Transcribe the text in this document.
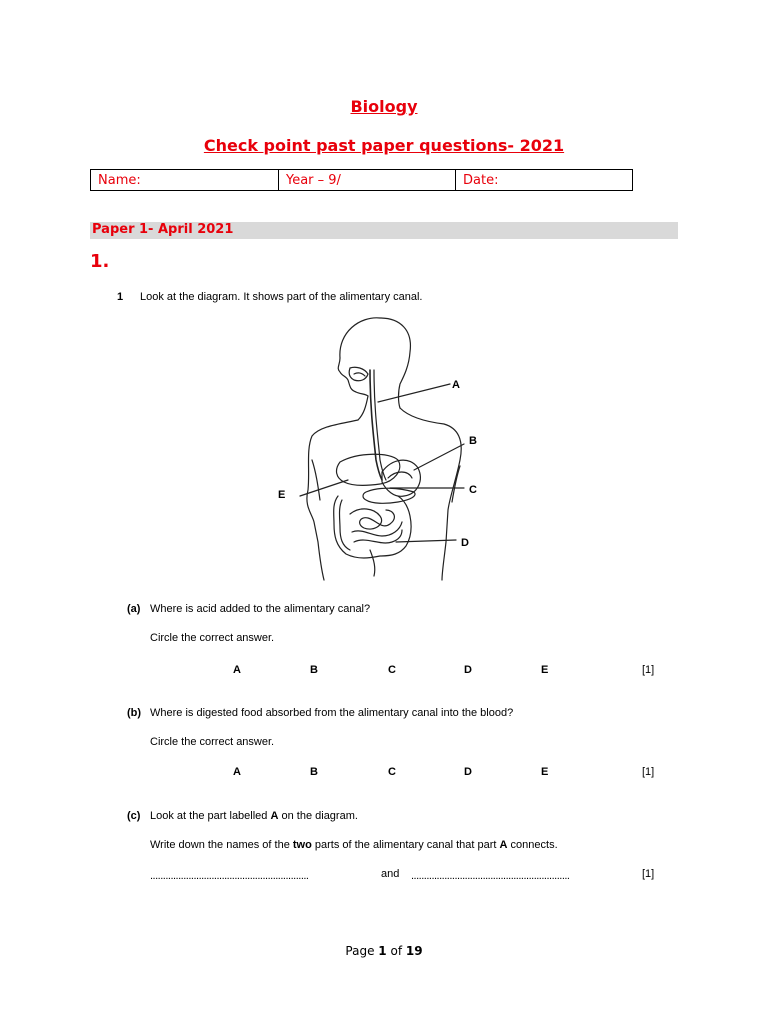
Biology
Check point past paper questions- 2021
Name:	Year – 9/	Date:
Paper 1- April 2021
1.
1 Look at the diagram. It shows part of the alimentary canal.
A
B
C
D
E
(a) Where is acid added to the alimentary canal?
Circle the correct answer.
A	B	C	D	E	[1]
(b) Where is digested food absorbed from the alimentary canal into the blood?
Circle the correct answer.
A	B	C	D	E	[1]
(c) Look at the part labelled A on the diagram.
Write down the names of the two parts of the alimentary canal that part A connects.
..............................................................	and ..............................................................	[1]
Page 1 of 19
